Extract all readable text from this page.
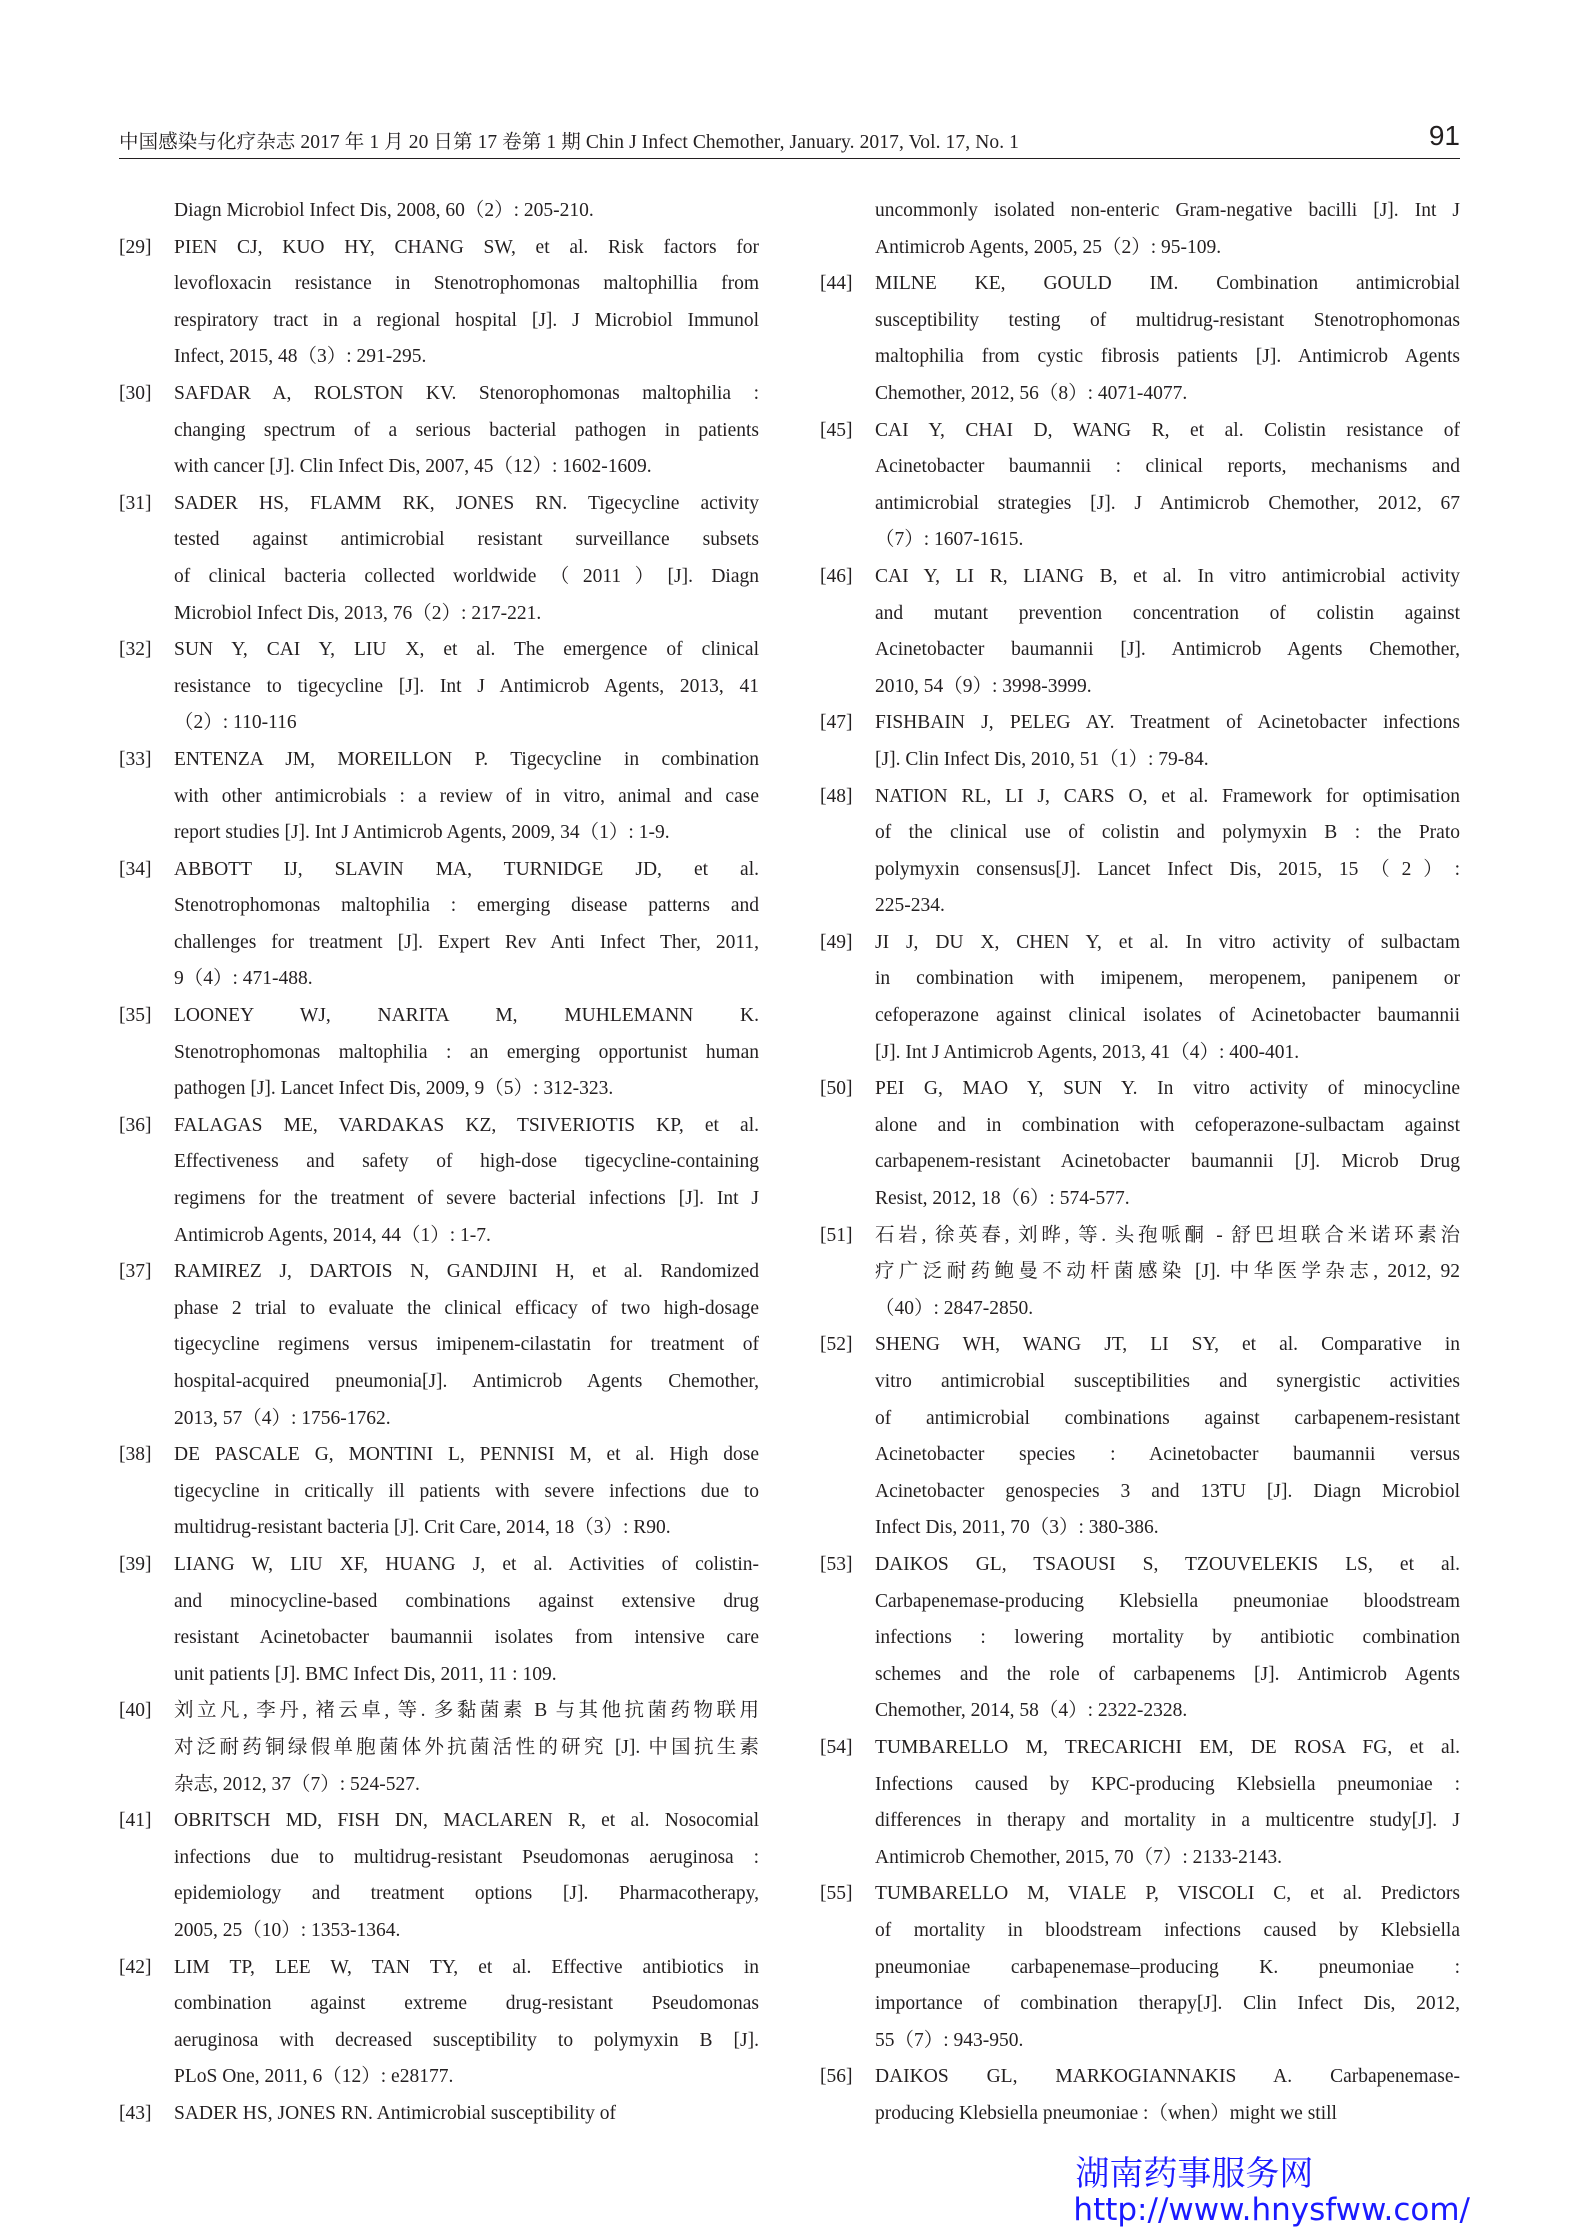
中国感染与化疗杂志 2017 年 1 月 20 日第 17 卷第 1 期 Chin J Infect Chemother, January. 2017, Vol. 17, No. 1	91
Diagn Microbiol Infect Dis, 2008, 60（2）: 205-210.
[29] PIEN CJ, KUO HY, CHANG SW, et al. Risk factors for
levofloxacin resistance in Stenotrophomonas maltophillia from
respiratory tract in a regional hospital [J]. J Microbiol Immunol
Infect, 2015, 48（3）: 291-295.
[30] SAFDAR A, ROLSTON KV. Stenorophomonas maltophilia :
changing spectrum of a serious bacterial pathogen in patients
with cancer [J]. Clin Infect Dis, 2007, 45（12）: 1602-1609.
[31] SADER HS, FLAMM RK, JONES RN. Tigecycline activity
tested against antimicrobial resistant surveillance subsets
of clinical bacteria collected worldwide（2011）[J]. Diagn
Microbiol Infect Dis, 2013, 76（2）: 217-221.
[32] SUN Y, CAI Y, LIU X, et al. The emergence of clinical
resistance to tigecycline [J]. Int J Antimicrob Agents, 2013, 41
（2）: 110-116
[33] ENTENZA JM, MOREILLON P. Tigecycline in combination
with other antimicrobials : a review of in vitro, animal and case
report studies [J]. Int J Antimicrob Agents, 2009, 34（1）: 1-9.
[34] ABBOTT IJ, SLAVIN MA, TURNIDGE JD, et al.
Stenotrophomonas maltophilia : emerging disease patterns and
challenges for treatment [J]. Expert Rev Anti Infect Ther, 2011,
9（4）: 471-488.
[35] LOONEY WJ, NARITA M, MUHLEMANN K.
Stenotrophomonas maltophilia : an emerging opportunist human
pathogen [J]. Lancet Infect Dis, 2009, 9（5）: 312-323.
[36] FALAGAS ME, VARDAKAS KZ, TSIVERIOTIS KP, et al.
Effectiveness and safety of high-dose tigecycline-containing
regimens for the treatment of severe bacterial infections [J]. Int J
Antimicrob Agents, 2014, 44（1）: 1-7.
[37] RAMIREZ J, DARTOIS N, GANDJINI H, et al. Randomized
phase 2 trial to evaluate the clinical efficacy of two high-dosage
tigecycline regimens versus imipenem-cilastatin for treatment of
hospital-acquired pneumonia[J]. Antimicrob Agents Chemother,
2013, 57（4）: 1756-1762.
[38] DE PASCALE G, MONTINI L, PENNISI M, et al. High dose
tigecycline in critically ill patients with severe infections due to
multidrug-resistant bacteria [J]. Crit Care, 2014, 18（3）: R90.
[39] LIANG W, LIU XF, HUANG J, et al. Activities of colistin-
and minocycline-based combinations against extensive drug
resistant Acinetobacter baumannii isolates from intensive care
unit patients [J]. BMC Infect Dis, 2011, 11 : 109.
[40] 刘立凡, 李丹, 褚云卓, 等. 多黏菌素 B 与其他抗菌药物联用
对泛耐药铜绿假单胞菌体外抗菌活性的研究 [J]. 中国抗生素
杂志, 2012, 37（7）: 524-527.
[41] OBRITSCH MD, FISH DN, MACLAREN R, et al. Nosocomial
infections due to multidrug-resistant Pseudomonas aeruginosa :
epidemiology and treatment options [J]. Pharmacotherapy,
2005, 25（10）: 1353-1364.
[42] LIM TP, LEE W, TAN TY, et al. Effective antibiotics in
combination against extreme drug-resistant Pseudomonas
aeruginosa with decreased susceptibility to polymyxin B [J].
PLoS One, 2011, 6（12）: e28177.
[43] SADER HS, JONES RN. Antimicrobial susceptibility of
uncommonly isolated non-enteric Gram-negative bacilli [J]. Int J
Antimicrob Agents, 2005, 25（2）: 95-109.
[44] MILNE KE, GOULD IM. Combination antimicrobial
susceptibility testing of multidrug-resistant Stenotrophomonas
maltophilia from cystic fibrosis patients [J]. Antimicrob Agents
Chemother, 2012, 56（8）: 4071-4077.
[45] CAI Y, CHAI D, WANG R, et al. Colistin resistance of
Acinetobacter baumannii : clinical reports, mechanisms and
antimicrobial strategies [J]. J Antimicrob Chemother, 2012, 67
（7）: 1607-1615.
[46] CAI Y, LI R, LIANG B, et al. In vitro antimicrobial activity
and mutant prevention concentration of colistin against
Acinetobacter baumannii [J]. Antimicrob Agents Chemother,
2010, 54（9）: 3998-3999.
[47] FISHBAIN J, PELEG AY. Treatment of Acinetobacter infections
[J]. Clin Infect Dis, 2010, 51（1）: 79-84.
[48] NATION RL, LI J, CARS O, et al. Framework for optimisation
of the clinical use of colistin and polymyxin B : the Prato
polymyxin consensus[J]. Lancet Infect Dis, 2015, 15（2）:
225-234.
[49] JI J, DU X, CHEN Y, et al. In vitro activity of sulbactam
in combination with imipenem, meropenem, panipenem or
cefoperazone against clinical isolates of Acinetobacter baumannii
[J]. Int J Antimicrob Agents, 2013, 41（4）: 400-401.
[50] PEI G, MAO Y, SUN Y. In vitro activity of minocycline
alone and in combination with cefoperazone-sulbactam against
carbapenem-resistant Acinetobacter baumannii [J]. Microb Drug
Resist, 2012, 18（6）: 574-577.
[51] 石岩, 徐英春, 刘晔, 等. 头孢哌酮 - 舒巴坦联合米诺环素治
疗广泛耐药鲍曼不动杆菌感染 [J]. 中华医学杂志, 2012, 92
（40）: 2847-2850.
[52] SHENG WH, WANG JT, LI SY, et al. Comparative in
vitro antimicrobial susceptibilities and synergistic activities
of antimicrobial combinations against carbapenem-resistant
Acinetobacter species : Acinetobacter baumannii versus
Acinetobacter genospecies 3 and 13TU [J]. Diagn Microbiol
Infect Dis, 2011, 70（3）: 380-386.
[53] DAIKOS GL, TSAOUSI S, TZOUVELEKIS LS, et al.
Carbapenemase-producing Klebsiella pneumoniae bloodstream
infections : lowering mortality by antibiotic combination
schemes and the role of carbapenems [J]. Antimicrob Agents
Chemother, 2014, 58（4）: 2322-2328.
[54] TUMBARELLO M, TRECARICHI EM, DE ROSA FG, et al.
Infections caused by KPC-producing Klebsiella pneumoniae :
differences in therapy and mortality in a multicentre study[J]. J
Antimicrob Chemother, 2015, 70（7）: 2133-2143.
[55] TUMBARELLO M, VIALE P, VISCOLI C, et al. Predictors
of mortality in bloodstream infections caused by Klebsiella
pneumoniae carbapenemase–producing K. pneumoniae :
importance of combination therapy[J]. Clin Infect Dis, 2012,
55（7）: 943-950.
[56] DAIKOS GL, MARKOGIANNAKIS A. Carbapenemase-
producing Klebsiella pneumoniae :（when）might we still
湖南药事服务网
http://www.hnysfww.com/
